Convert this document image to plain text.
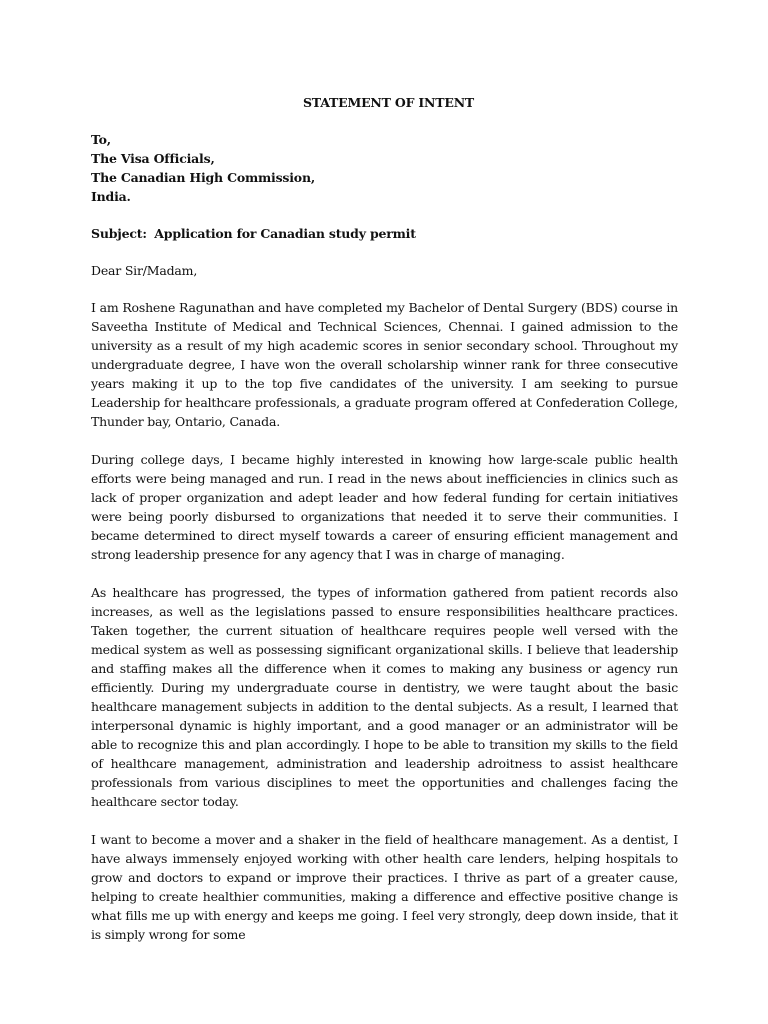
STATEMENT OF INTENT
To,
The Visa Officials,
The Canadian High Commission,
India.
Subject: Application for Canadian study permit
Dear Sir/Madam,

I am Roshene Ragunathan and have completed my Bachelor of Dental Surgery (BDS) course in Saveetha Institute of Medical and Technical Sciences, Chennai. I gained admission to the university as a result of my high academic scores in senior secondary school. Throughout my undergraduate degree, I have won the overall scholarship winner rank for three consecutive years making it up to the top five candidates of the university. I am seeking to pursue Leadership for healthcare professionals, a graduate program offered at Confederation College, Thunder bay, Ontario, Canada.

During college days, I became highly interested in knowing how large-scale public health efforts were being managed and run. I read in the news about inefficiencies in clinics such as lack of proper organization and adept leader and how federal funding for certain initiatives were being poorly disbursed to organizations that needed it to serve their communities. I became determined to direct myself towards a career of ensuring efficient management and strong leadership presence for any agency that I was in charge of managing.

As healthcare has progressed, the types of information gathered from patient records also increases, as well as the legislations passed to ensure responsibilities healthcare practices. Taken together, the current situation of healthcare requires people well versed with the medical system as well as possessing significant organizational skills. I believe that leadership and staffing makes all the difference when it comes to making any business or agency run efficiently. During my undergraduate course in dentistry, we were taught about the basic healthcare management subjects in addition to the dental subjects. As a result, I learned that interpersonal dynamic is highly important, and a good manager or an administrator will be able to recognize this and plan accordingly. I hope to be able to transition my skills to the field of healthcare management, administration and leadership adroitness to assist healthcare professionals from various disciplines to meet the opportunities and challenges facing the healthcare sector today.

I want to become a mover and a shaker in the field of healthcare management. As a dentist, I have always immensely enjoyed working with other health care lenders, helping hospitals to grow and doctors to expand or improve their practices. I thrive as part of a greater cause, helping to create healthier communities, making a difference and effective positive change is what fills me up with energy and keeps me going. I feel very strongly, deep down inside, that it is simply wrong for some
